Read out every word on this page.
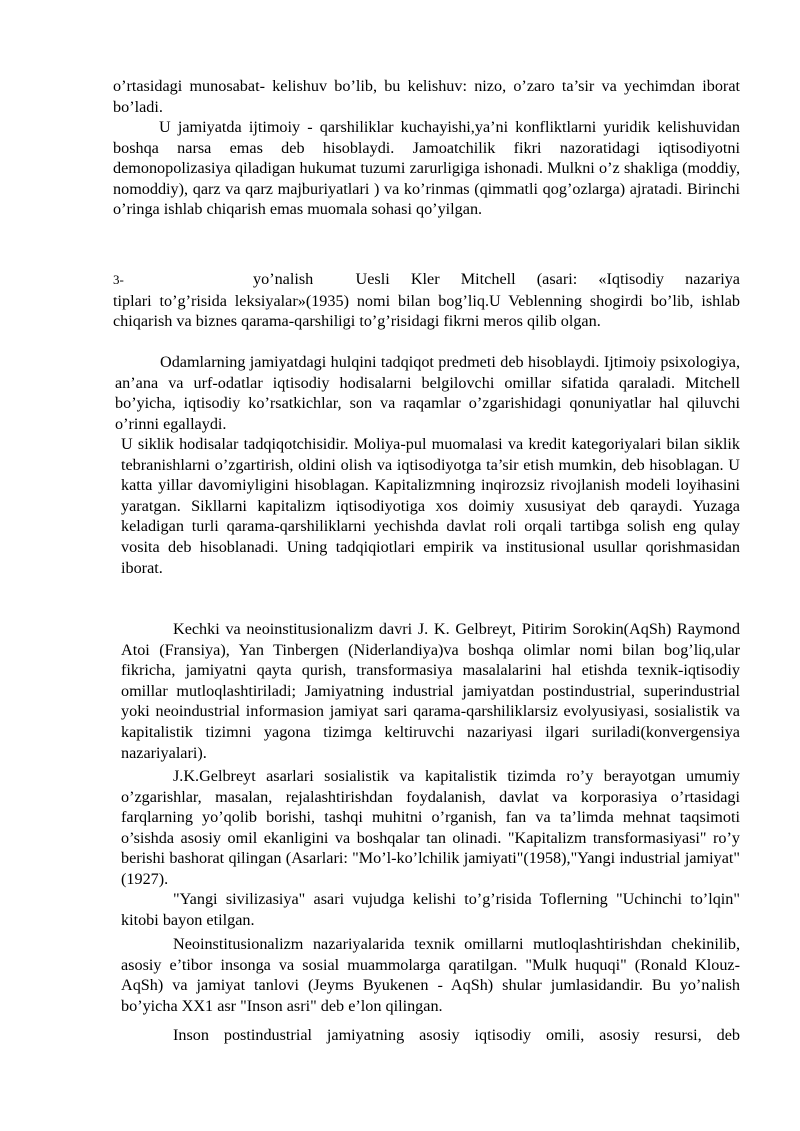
o’rtasidagi munosabat- kelishuv bo’lib, bu kelishuv: nizo, o’zaro ta’sir va yechimdan iborat bo’ladi.

U jamiyatda ijtimoiy - qarshiliklar kuchayishi,ya’ni konfliktlarni yuridik kelishuvidan boshqa narsa emas deb hisoblaydi. Jamoatchilik fikri nazoratidagi iqtisodiyotni demonopolizasiya qiladigan hukumat tuzumi zarurligiga ishonadi. Mulkni o’z shakliga (moddiy, nomoddiy), qarz va qarz majburiyatlari ) va ko’rinmas (qimmatli qog’ozlarga) ajratadi. Birinchi o’ringa ishlab chiqarish emas muomala sohasi qo’yilgan.

3-	yo’nalish  Uesli Kler Mitchell (asari: «Iqtisodiy nazariya
tiplari to’g’risida leksiyalar»(1935) nomi bilan bog’liq.U Veblenning shogirdi bo’lib, ishlab chiqarish va biznes qarama-qarshiligi to’g’risidagi fikrni meros qilib olgan.

Odamlarning jamiyatdagi hulqini tadqiqot predmeti deb hisoblaydi. Ijtimoiy psixologiya, an’ana va urf-odatlar iqtisodiy hodisalarni belgilovchi omillar sifatida qaraladi. Mitchell bo’yicha, iqtisodiy ko’rsatkichlar, son va raqamlar o’zgarishidagi qonuniyatlar hal qiluvchi o’rinni egallaydi.

U siklik hodisalar tadqiqotchisidir. Moliya-pul muomalasi va kredit kategoriyalari bilan siklik tebranishlarni o’zgartirish, oldini olish va iqtisodiyotga ta’sir etish mumkin, deb hisoblagan. U katta yillar davomiyligini hisoblagan. Kapitalizmning inqirozsiz rivojlanish modeli loyihasini yaratgan. Sikllarni kapitalizm iqtisodiyotiga xos doimiy xususiyat deb qaraydi. Yuzaga keladigan turli qarama-qarshiliklarni yechishda davlat roli orqali tartibga solish eng qulay vosita deb hisoblanadi. Uning tadqiqiotlari empirik va institusional usullar qorishmasidan iborat.

Kechki va neoinstitusionalizm davri J. K. Gelbreyt, Pitirim Sorokin(AqSh) Raymond Atoi (Fransiya), Yan Tinbergen (Niderlandiya)va boshqa olimlar nomi bilan bog’liq,ular fikricha, jamiyatni qayta qurish, transformasiya masalalarini hal etishda texnik-iqtisodiy omillar mutloqlashtiriladi; Jamiyatning industrial jamiyatdan postindustrial, superindustrial yoki neoindustrial informasion jamiyat sari qarama-qarshiliklarsiz evolyusiyasi, sosialistik va kapitalistik tizimni yagona tizimga keltiruvchi nazariyasi ilgari suriladi(konvergensiya nazariyalari).

J.K.Gelbreyt asarlari sosialistik va kapitalistik tizimda ro’y berayotgan umumiy o’zgarishlar, masalan, rejalashtirishdan foydalanish, davlat va korporasiya o’rtasidagi farqlarning yo’qolib borishi, tashqi muhitni o’rganish, fan va ta’limda mehnat taqsimoti o’sishda asosiy omil ekanligini va boshqalar tan olinadi. "Kapitalizm transformasiyasi" ro’y berishi bashorat qilingan (Asarlari: "Mo’l-ko’lchilik jamiyati"(1958),"Yangi industrial jamiyat"(1927).

"Yangi sivilizasiya" asari vujudga kelishi to’g’risida Toflerning "Uchinchi to’lqin" kitobi bayon etilgan.

Neoinstitusionalizm nazariyalarida texnik omillarni mutloqlashtirishdan chekinilib, asosiy e’tibor insonga va sosial muammolarga qaratilgan. "Mulk huquqi" (Ronald Klouz-AqSh) va jamiyat tanlovi (Jeyms Byukenen - AqSh) shular jumlasidandir. Bu yo’nalish bo’yicha XX1 asr "Inson asri" deb e’lon qilingan.

Inson postindustrial jamiyatning asosiy iqtisodiy omili, asosiy resursi, deb
